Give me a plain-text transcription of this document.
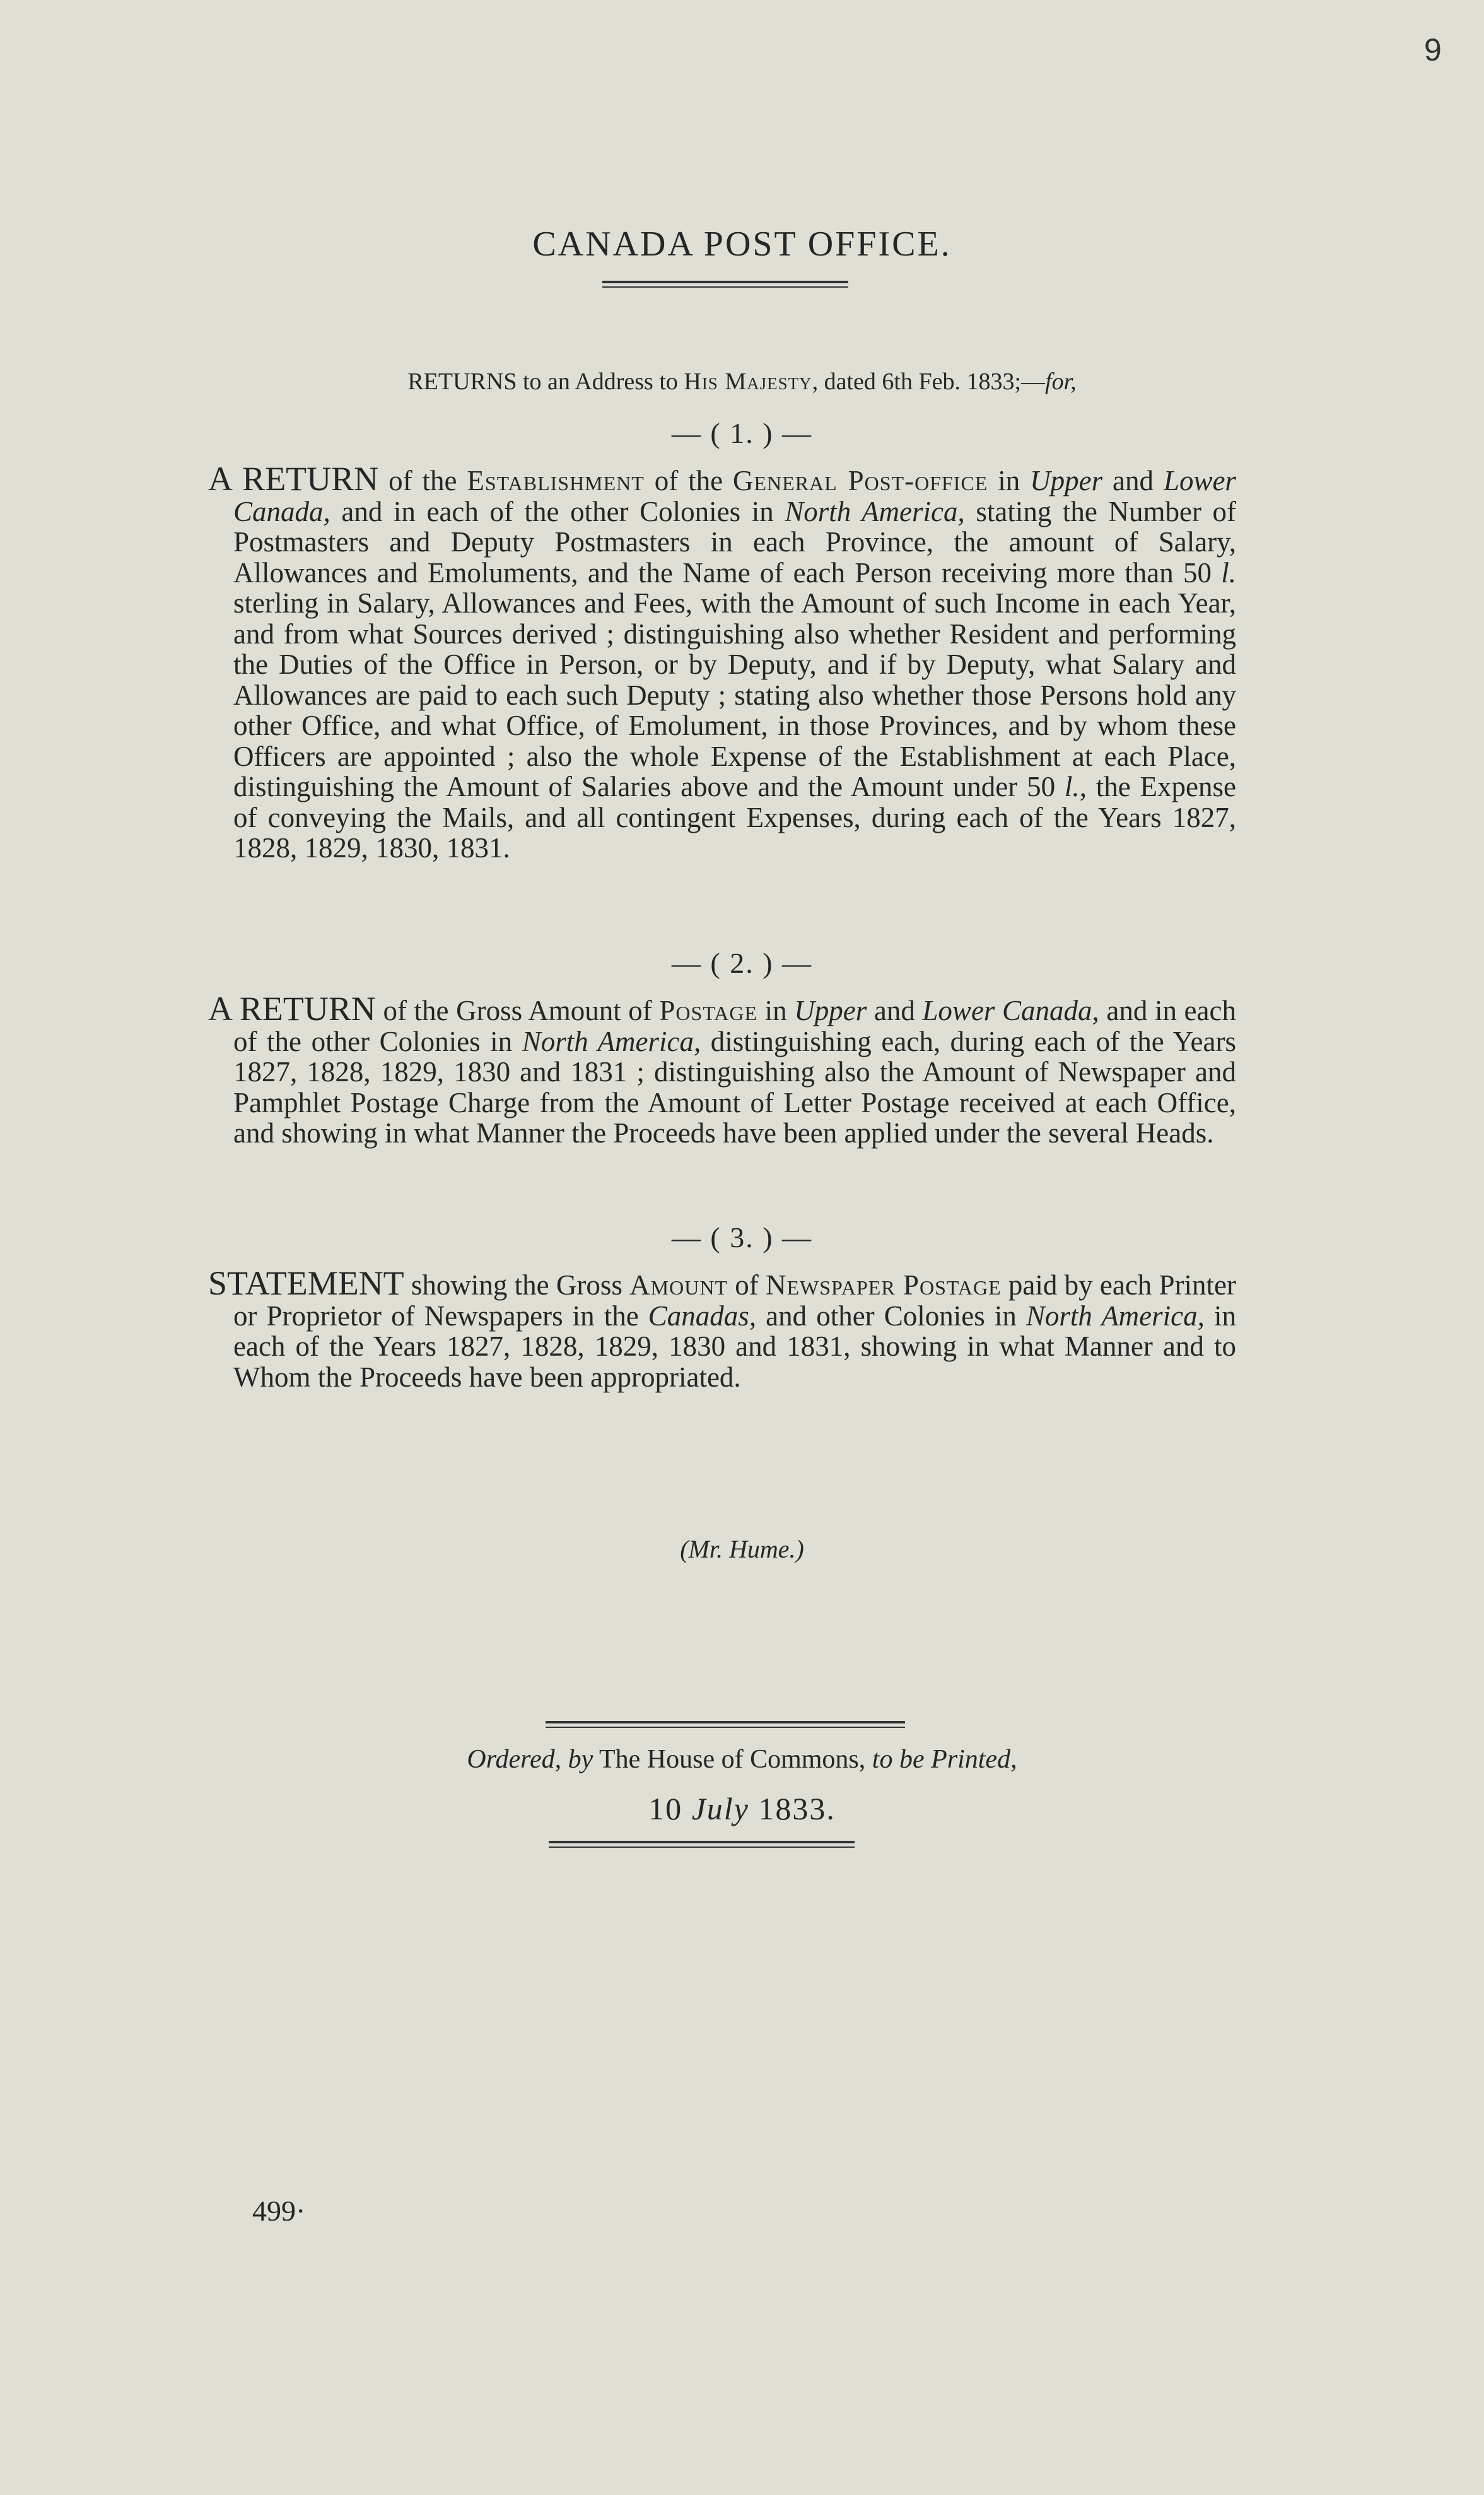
9
CANADA POST OFFICE.
RETURNS to an Address to His Majesty, dated 6th Feb. 1833;—for,
— ( 1. ) —
A RETURN of the Establishment of the General Post-office in Upper and Lower Canada, and in each of the other Colonies in North America, stating the Number of Postmasters and Deputy Postmasters in each Province, the amount of Salary, Allowances and Emoluments, and the Name of each Person receiving more than 50 l. sterling in Salary, Allowances and Fees, with the Amount of such Income in each Year, and from what Sources derived ; distinguishing also whether Resident and performing the Duties of the Office in Person, or by Deputy, and if by Deputy, what Salary and Allowances are paid to each such Deputy ; stating also whether those Persons hold any other Office, and what Office, of Emolument, in those Provinces, and by whom these Officers are appointed ; also the whole Expense of the Establishment at each Place, distinguishing the Amount of Salaries above and the Amount under 50 l., the Expense of conveying the Mails, and all contingent Expenses, during each of the Years 1827, 1828, 1829, 1830, 1831.
— ( 2. ) —
A RETURN of the Gross Amount of Postage in Upper and Lower Canada, and in each of the other Colonies in North America, distinguishing each, during each of the Years 1827, 1828, 1829, 1830 and 1831 ; distinguishing also the Amount of Newspaper and Pamphlet Postage Charge from the Amount of Letter Postage received at each Office, and showing in what Manner the Proceeds have been applied under the several Heads.
— ( 3. ) —
STATEMENT showing the Gross Amount of Newspaper Postage paid by each Printer or Proprietor of Newspapers in the Canadas, and other Colonies in North America, in each of the Years 1827, 1828, 1829, 1830 and 1831, showing in what Manner and to Whom the Proceeds have been appropriated.
(Mr. Hume.)
Ordered, by The House of Commons, to be Printed,
10 July 1833.
499·
